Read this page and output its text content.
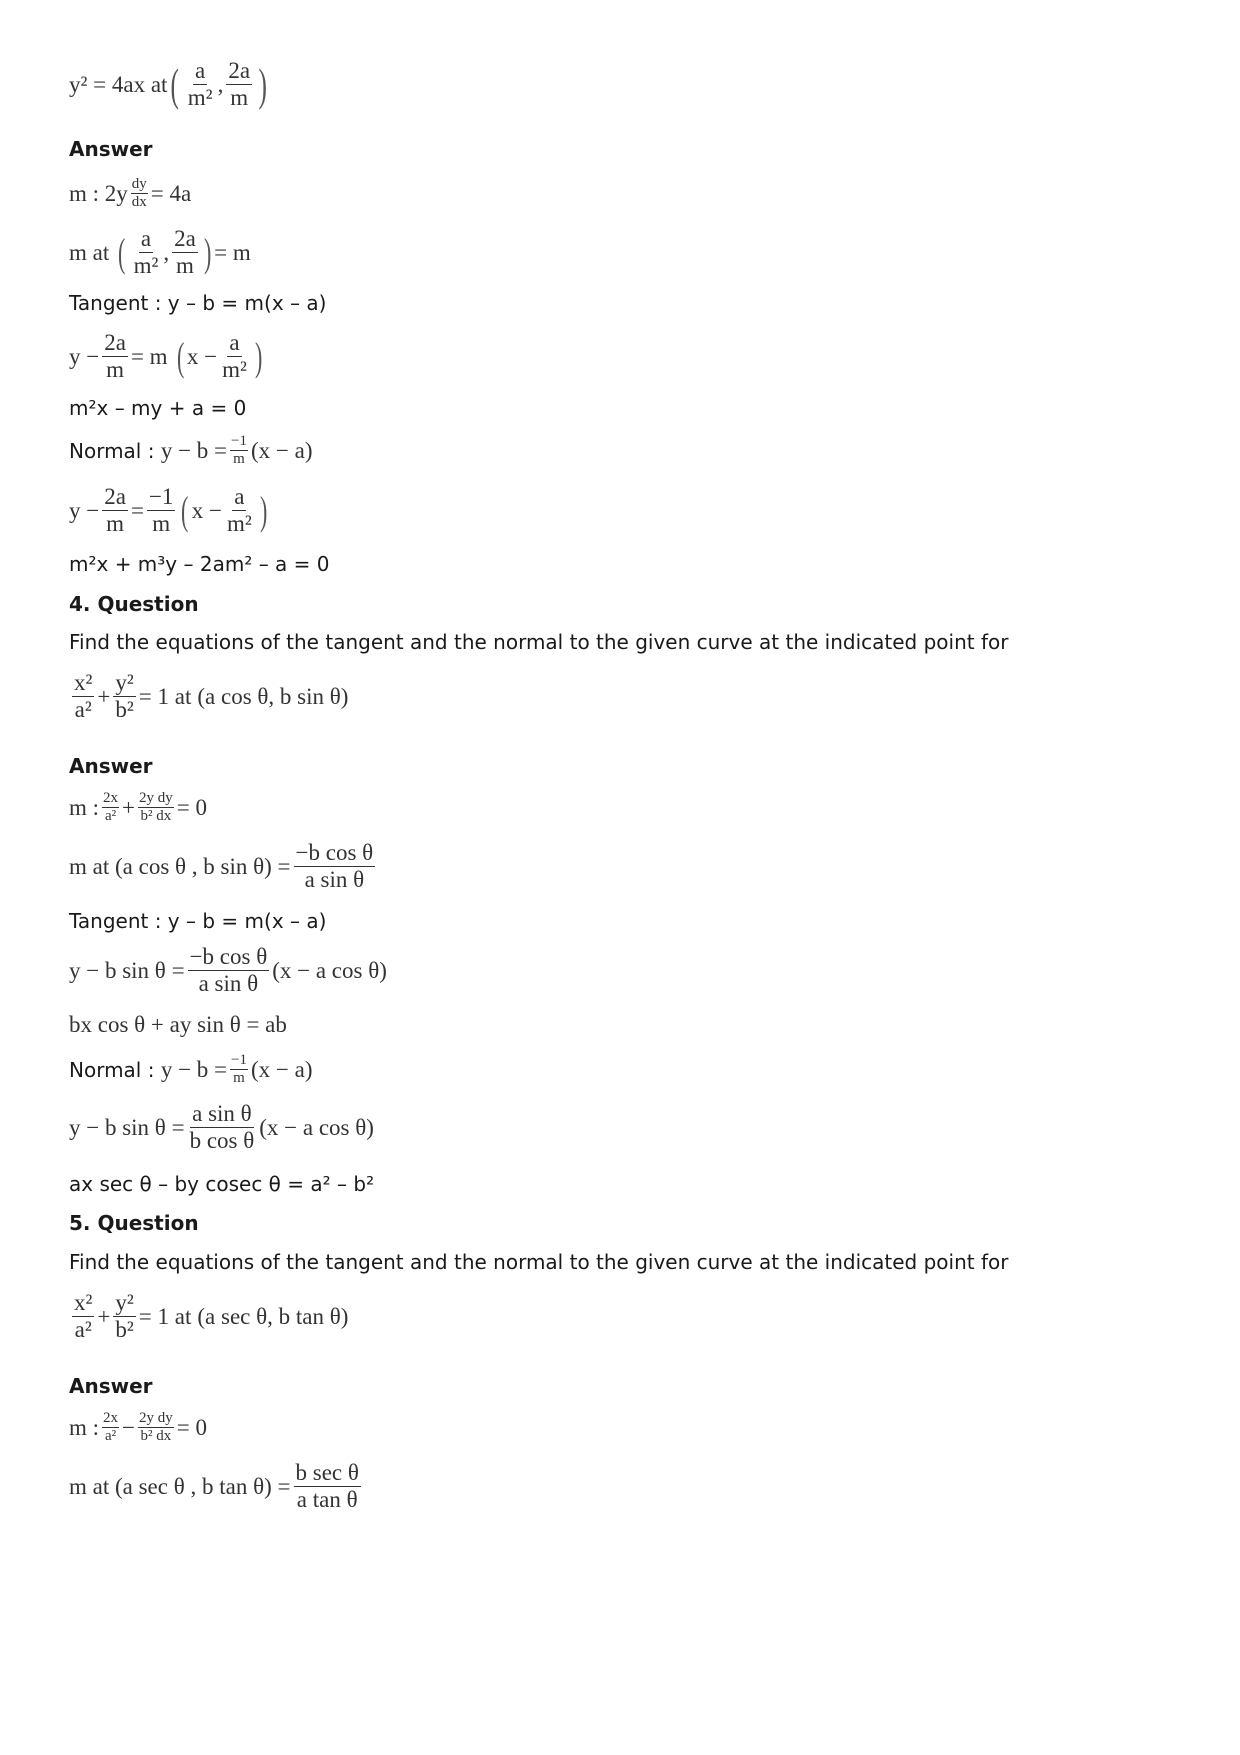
y² = 4ax at ( $\frac{a}{\text{m²}}$ , $\frac{2a}{m}$ )
Answer
m : $2y \frac{dy}{dx} = 4a$
m at ( $\frac{a}{\text{m²}}$ , $\frac{2a}{m}$ ) = m
Tangent : y – b = m(x – a)
$y - \frac{2a}{m} = m$ ( $x - \frac{a}{\text{m²}}$ )
m²x – my + a = 0
Normal : $y - b = \frac{-1}{m} (x - a)$
$y - \frac{2a}{m} = \frac{-1}{m}$ ( $x - \frac{a}{\text{m²}}$ )
m²x + m³y – 2am² – a = 0
4. Question
Find the equations of the tangent and the normal to the given curve at the indicated point for
$\frac{\text{x²}}{\text{a²}} + \frac{\text{y²}}{\text{b²}} = 1$ at (a cos θ, b sin θ)
Answer
m : $\frac{2x}{\text{a²}} + \frac{\text{2y dy}}{\text{b² dx}} = 0$
m at (a cos θ , b $\sin \theta) = \frac{\text{−b cos θ}}{\text{a sin θ}}$
Tangent : y – b = m(x – a)
y − b $\sin \theta = \frac{\text{−b cos θ}}{\text{a sin θ}} (x - a$ cos θ)
bx cos θ + ay sin θ = ab
Normal : $y - b = \frac{-1}{m} (x - a)$
y − b $\sin \theta = \frac{\text{a sin θ}}{\text{b cos θ}} (x - a$ cos θ)
ax sec θ – by cosec θ = a² – b²
5. Question
Find the equations of the tangent and the normal to the given curve at the indicated point for
$\frac{\text{x²}}{\text{a²}} + \frac{\text{y²}}{\text{b²}} = 1$ at (a sec θ, b tan θ)
Answer
m : $\frac{2x}{\text{a²}} - \frac{\text{2y dy}}{\text{b² dx}} = 0$
m at (a sec θ , b $\tan \theta) = \frac{\text{b sec θ}}{\text{a tan θ}}$
